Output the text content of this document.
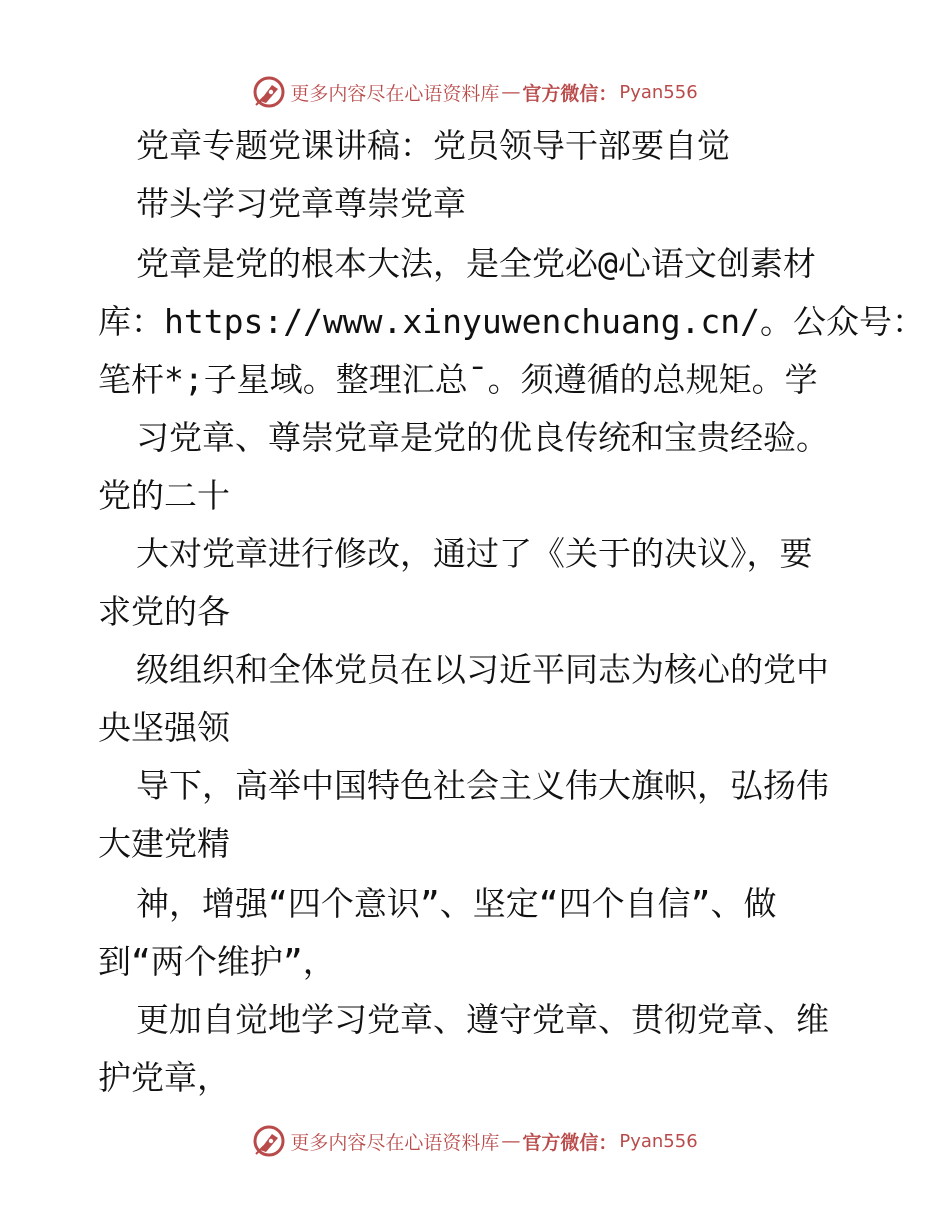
更多内容尽在心语资料库 — 官方微信： Pyan556
党章专题党课讲稿：党员领导干部要自觉
带头学习党章尊崇党章
党章是党的根本大法，是全党必@心语文创素材
库：https://www.xinyuwenchuang.cn/。公众号：
笔杆*;子星域。整理汇总¯。须遵循的总规矩。学
习党章、尊崇党章是党的优良传统和宝贵经验。
党的二十
大对党章进行修改，通过了《关于的决议》，要
求党的各
级组织和全体党员在以习近平同志为核心的党中
央坚强领
导下，高举中国特色社会主义伟大旗帜，弘扬伟
大建党精
神，增强“四个意识”、坚定“四个自信”、做
到“两个维护”，
更加自觉地学习党章、遵守党章、贯彻党章、维
护党章，
更多内容尽在心语资料库 — 官方微信： Pyan556
